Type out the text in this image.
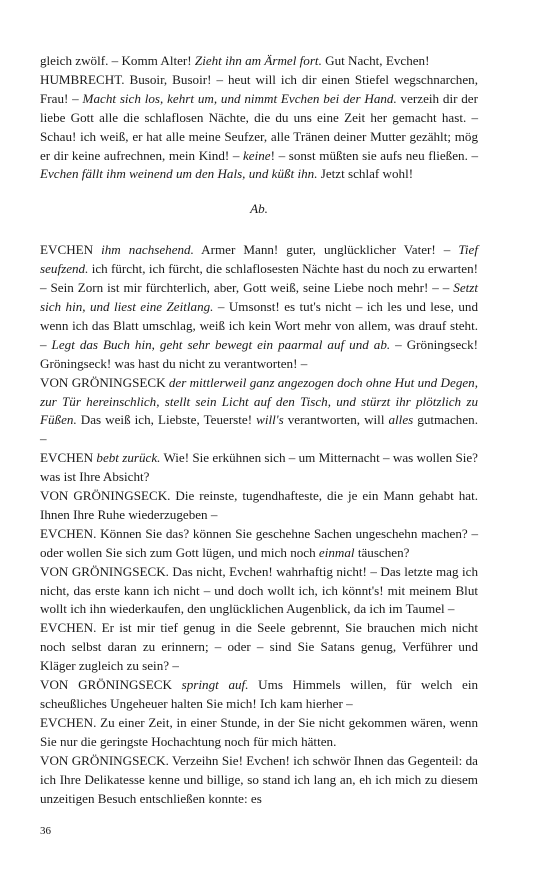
gleich zwölf. – Komm Alter! Zieht ihn am Ärmel fort. Gut Nacht, Evchen!

HUMBRECHT. Busoir, Busoir! – heut will ich dir einen Stiefel wegschnarchen, Frau! – Macht sich los, kehrt um, und nimmt Evchen bei der Hand. verzeih dir der liebe Gott alle die schlaflosen Nächte, die du uns eine Zeit her gemacht hast. – Schau! ich weiß, er hat alle meine Seufzer, alle Tränen deiner Mutter gezählt; mög er dir keine aufrechnen, mein Kind! – keine! – sonst müßten sie aufs neu fließen. – Evchen fällt ihm weinend um den Hals, und küßt ihn. Jetzt schlaf wohl!

Ab.

EVCHEN ihm nachsehend. Armer Mann! guter, unglücklicher Vater! – Tief seufzend. ich fürcht, ich fürcht, die schlaflosesten Nächte hast du noch zu erwarten! – Sein Zorn ist mir fürchterlich, aber, Gott weiß, seine Liebe noch mehr! – – Setzt sich hin, und liest eine Zeitlang. – Umsonst! es tut's nicht – ich les und lese, und wenn ich das Blatt umschlag, weiß ich kein Wort mehr von allem, was drauf steht. – Legt das Buch hin, geht sehr bewegt ein paarmal auf und ab. – Gröningseck! Gröningseck! was hast du nicht zu verantworten! –

VON GRÖNINGSECK der mittlerweil ganz angezogen doch ohne Hut und Degen, zur Tür hereinschlich, stellt sein Licht auf den Tisch, und stürzt ihr plötzlich zu Füßen. Das weiß ich, Liebste, Teuerste! will's verantworten, will alles gutmachen. –

EVCHEN bebt zurück. Wie! Sie erkühnen sich – um Mitternacht – was wollen Sie? was ist Ihre Absicht?

VON GRÖNINGSECK. Die reinste, tugendhafteste, die je ein Mann gehabt hat. Ihnen Ihre Ruhe wiederzugeben –

EVCHEN. Können Sie das? können Sie geschehne Sachen ungeschehn machen? – oder wollen Sie sich zum Gott lügen, und mich noch einmal täuschen?

VON GRÖNINGSECK. Das nicht, Evchen! wahrhaftig nicht! – Das letzte mag ich nicht, das erste kann ich nicht – und doch wollt ich, ich könnt's! mit meinem Blut wollt ich ihn wiederkaufen, den unglücklichen Augenblick, da ich im Taumel –

EVCHEN. Er ist mir tief genug in die Seele gebrennt, Sie brauchen mich nicht noch selbst daran zu erinnern; – oder – sind Sie Satans genug, Verführer und Kläger zugleich zu sein? –

VON GRÖNINGSECK springt auf. Ums Himmels willen, für welch ein scheußliches Ungeheuer halten Sie mich! Ich kam hierher –

EVCHEN. Zu einer Zeit, in einer Stunde, in der Sie nicht gekommen wären, wenn Sie nur die geringste Hochachtung noch für mich hätten.

VON GRÖNINGSECK. Verzeihn Sie! Evchen! ich schwör Ihnen das Gegenteil: da ich Ihre Delikatesse kenne und billige, so stand ich lang an, eh ich mich zu diesem unzeitigen Besuch entschließen konnte: es

36
